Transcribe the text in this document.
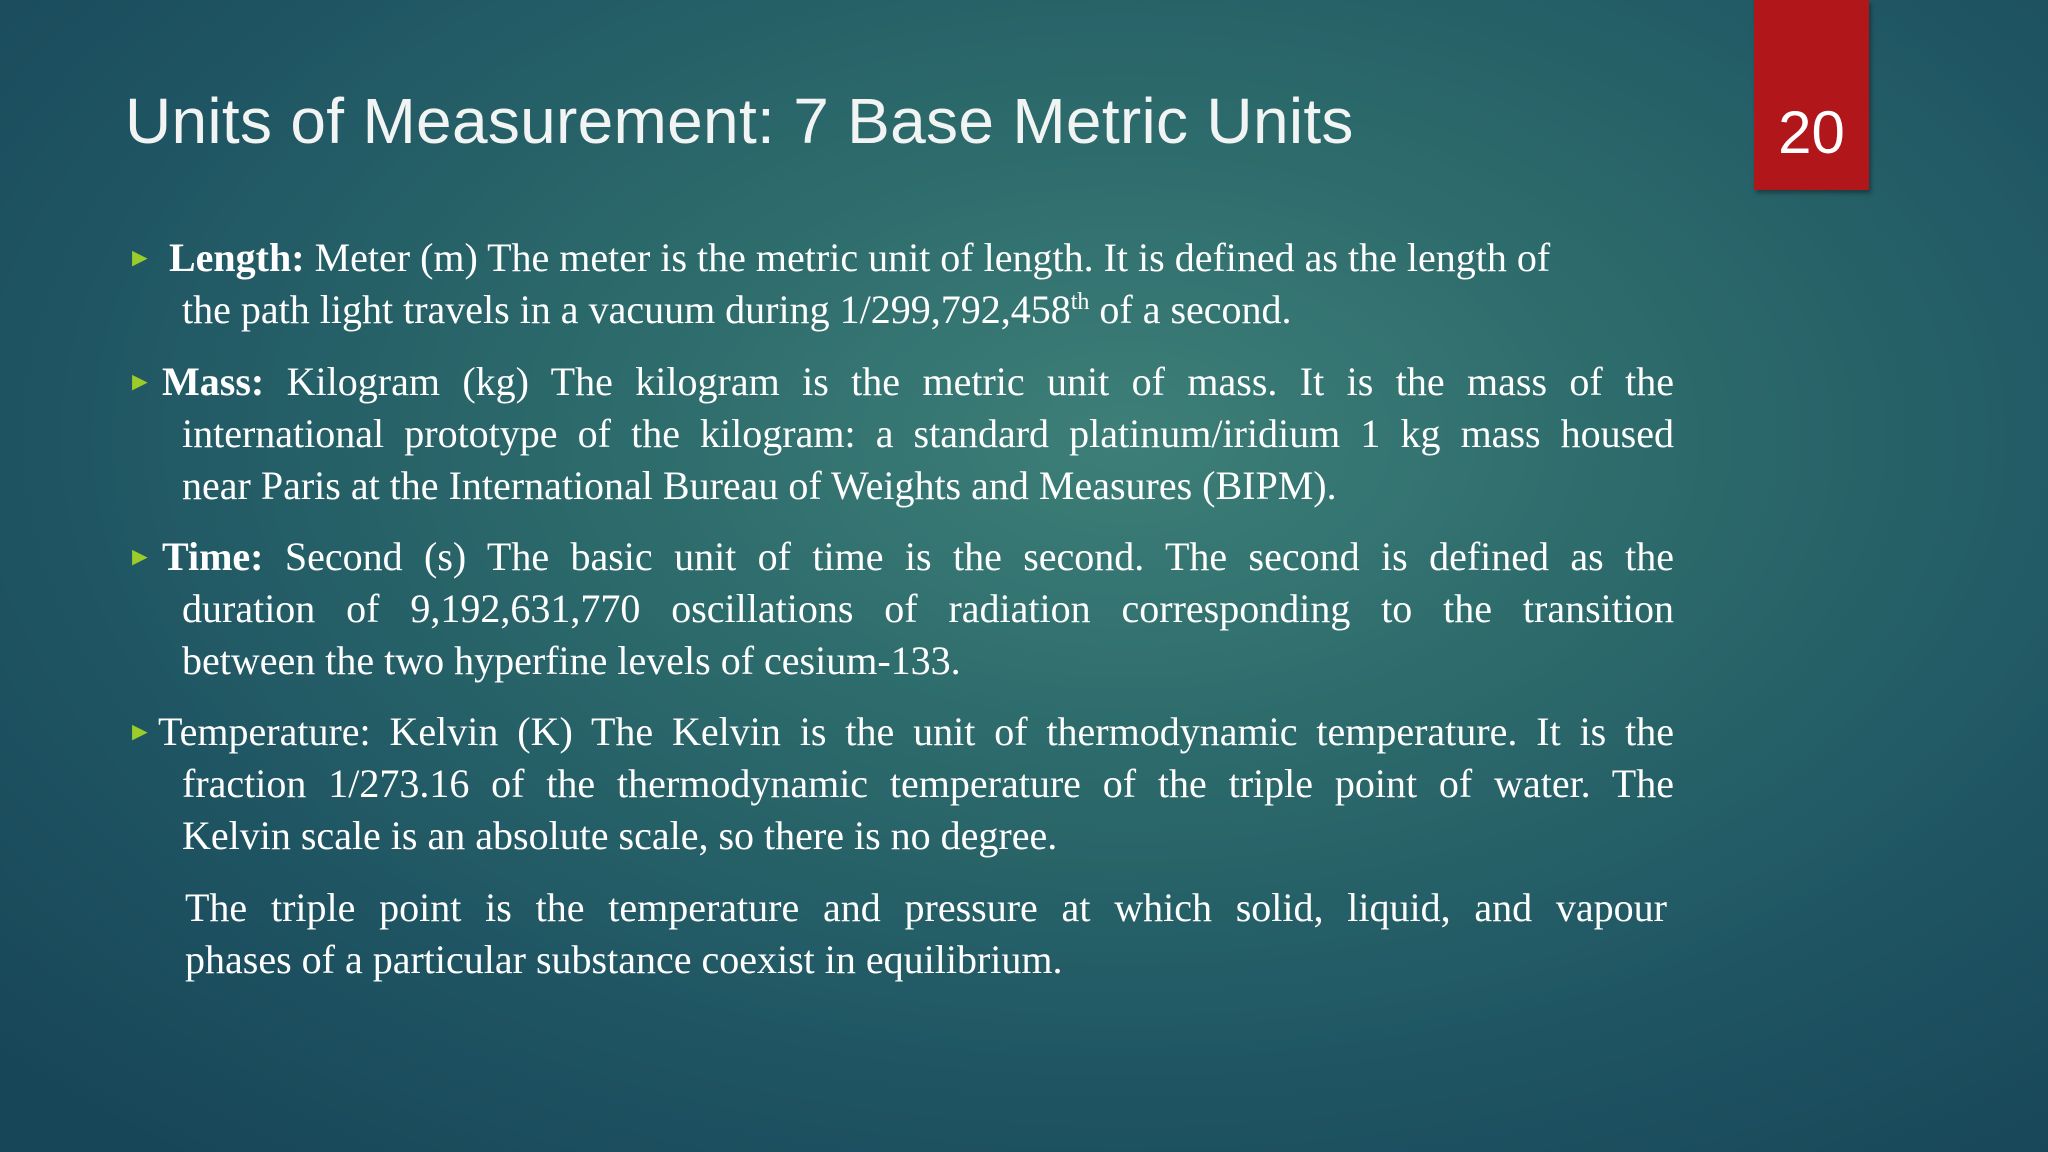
Units of Measurement: 7 Base Metric Units	20
► Length: Meter (m) The meter is the metric unit of length. It is defined as the length of
the path light travels in a vacuum during 1/299,792,458th of a second.
► Mass: Kilogram (kg) The kilogram is the metric unit of mass. It is the mass of the
international prototype of the kilogram: a standard platinum/iridium 1 kg mass housed
near Paris at the International Bureau of Weights and Measures (BIPM).
► Time: Second (s) The basic unit of time is the second. The second is defined as the
duration of 9,192,631,770 oscillations of radiation corresponding to the transition
between the two hyperfine levels of cesium-133.
► Temperature: Kelvin (K) The Kelvin is the unit of thermodynamic temperature. It is the
fraction 1/273.16 of the thermodynamic temperature of the triple point of water. The
Kelvin scale is an absolute scale, so there is no degree.
The triple point is the temperature and pressure at which solid, liquid, and vapour
phases of a particular substance coexist in equilibrium.
